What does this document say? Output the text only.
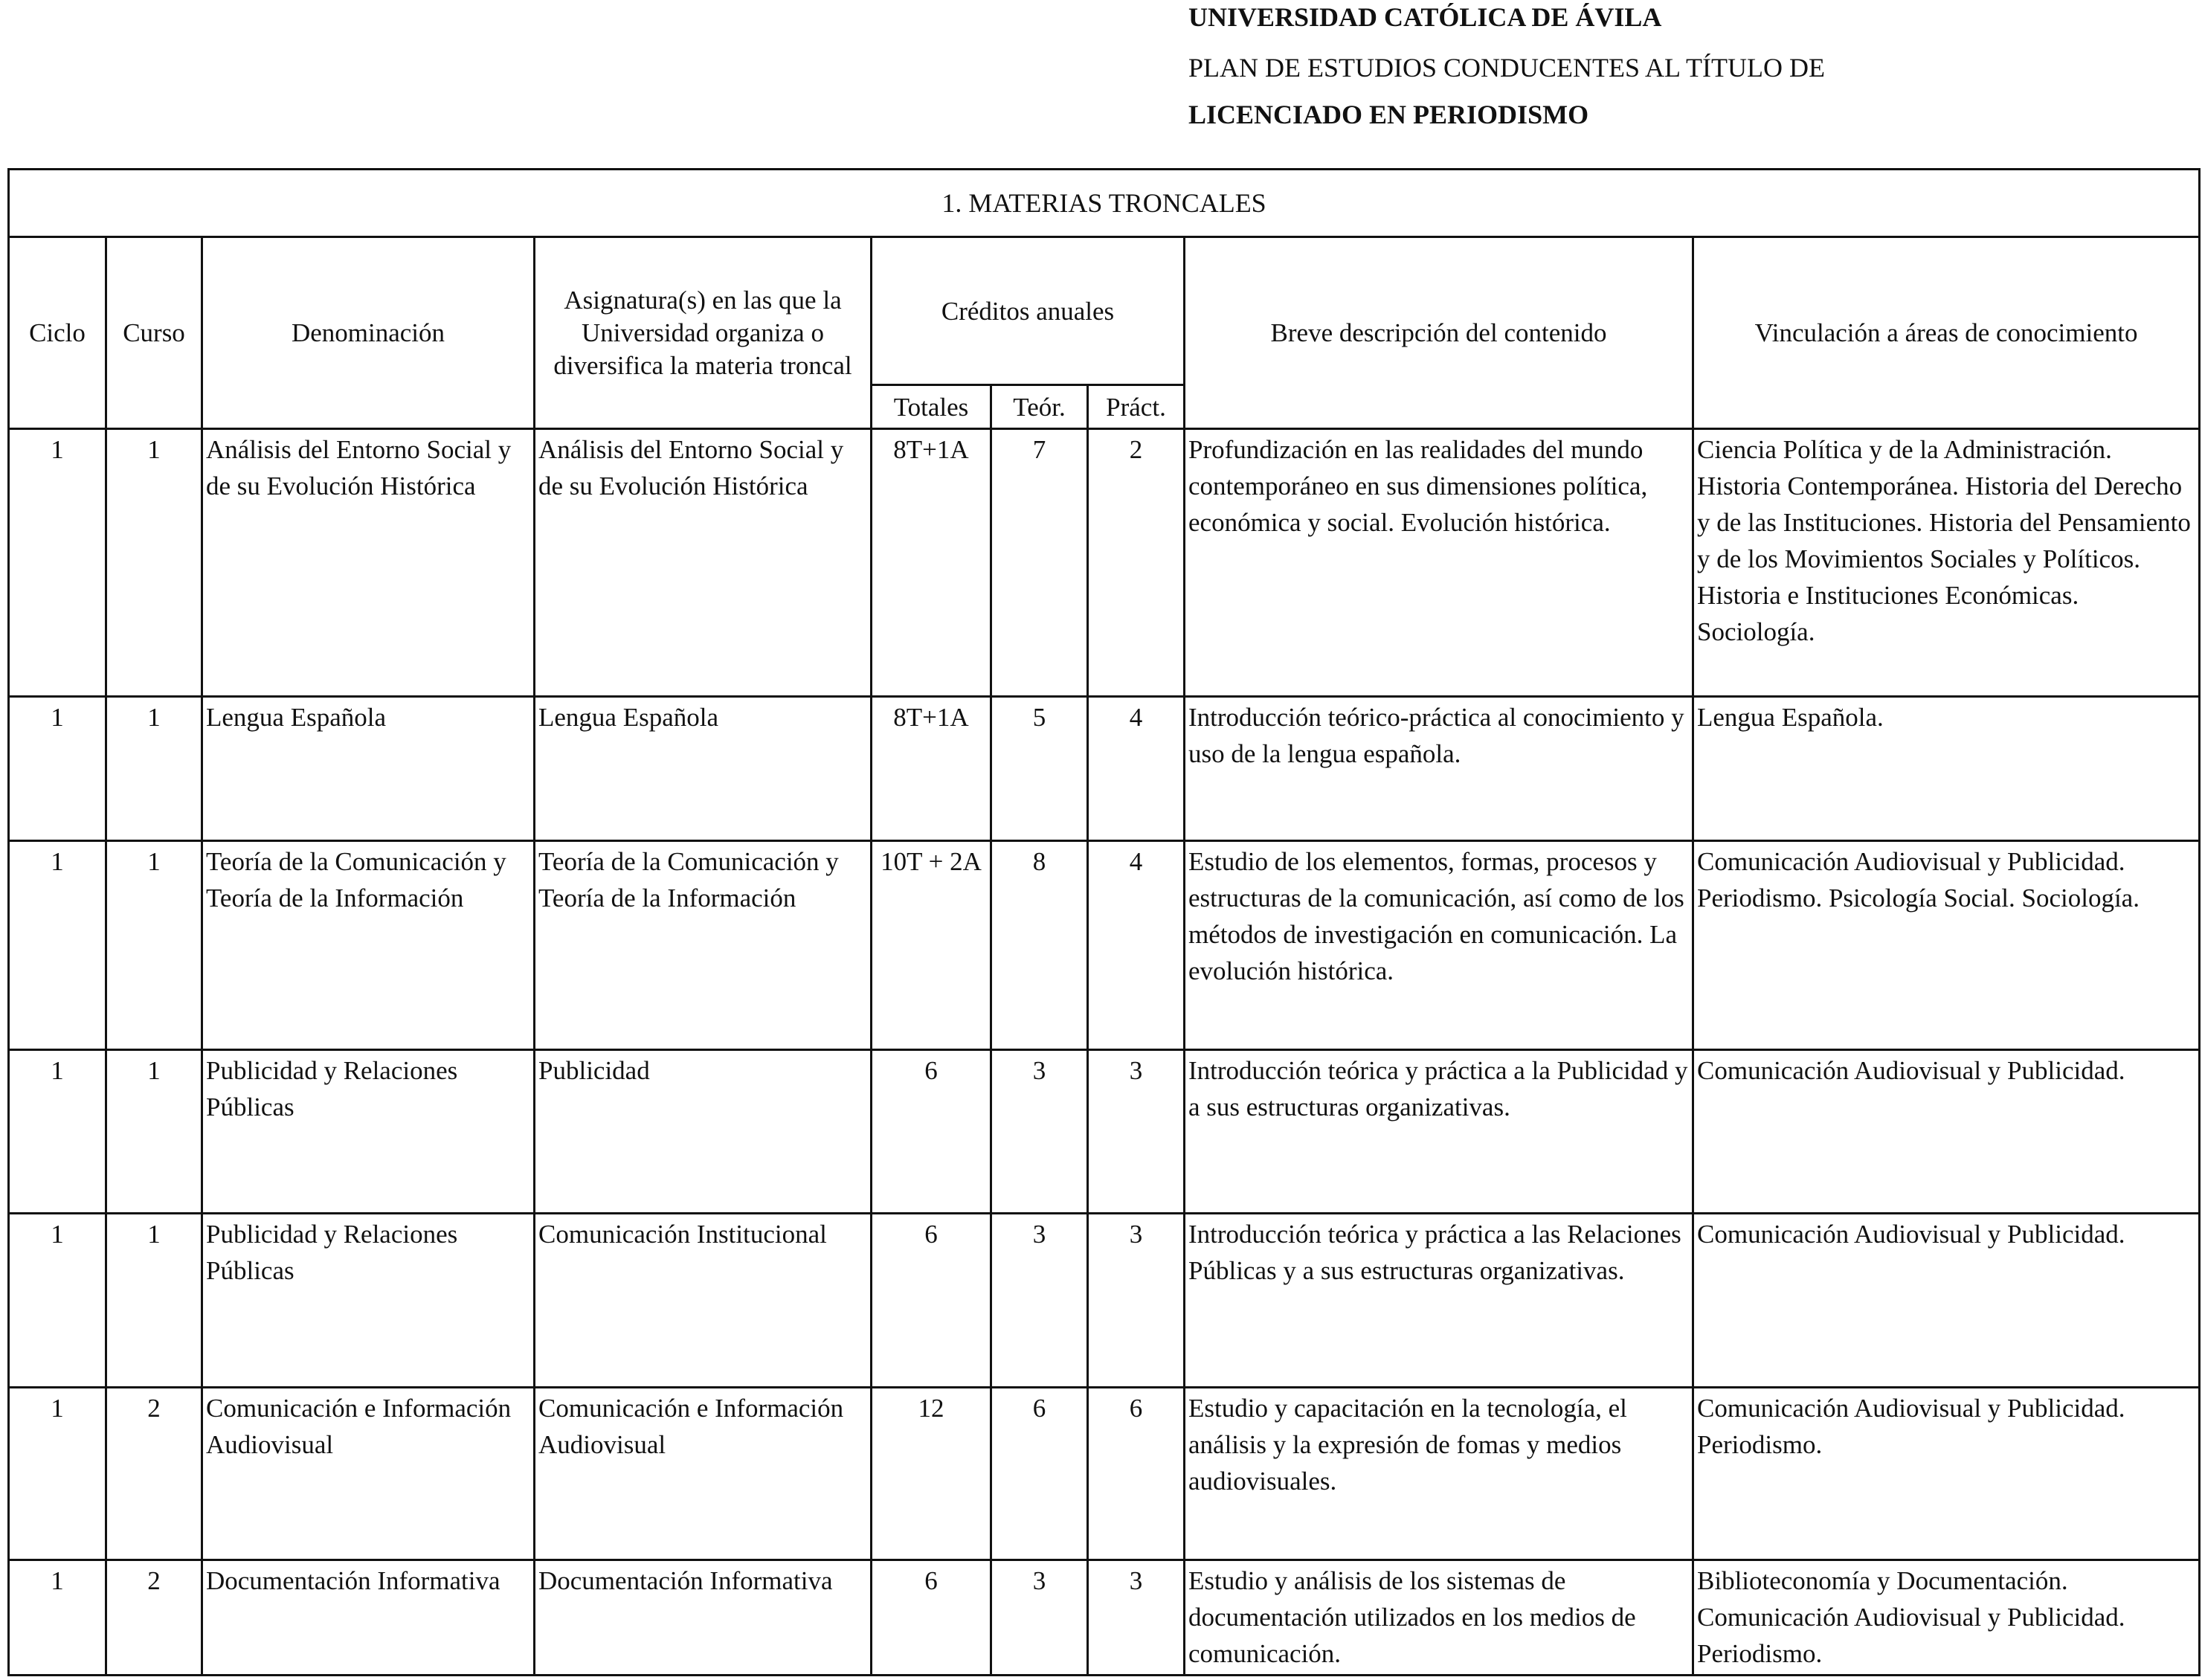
UNIVERSIDAD CATÓLICA DE ÁVILA
PLAN DE ESTUDIOS CONDUCENTES AL TÍTULO DE
LICENCIADO EN PERIODISMO
1. MATERIAS TRONCALES								
Ciclo	Curso	Denominación	Asignatura(s) en las que la Universidad organiza o diversifica la materia troncal	Créditos anuales			Breve descripción del contenido	Vinculación a áreas de conocimiento
				Totales	Teór.	Práct.		
1	1	Análisis del Entorno Social y de su Evolución Histórica	Análisis del Entorno Social y de su Evolución Histórica	8T+1A	7	2	Profundización en las realidades del mundo contemporáneo en sus dimensiones política, económica y social. Evolución histórica.	Ciencia Política y de la Administración. Historia Contemporánea. Historia del Derecho y de las Instituciones. Historia del Pensamiento y de los Movimientos Sociales y Políticos. Historia e Instituciones Económicas. Sociología.
1	1	Lengua Española	Lengua Española	8T+1A	5	4	Introducción teórico-práctica al conocimiento y uso de la lengua española.	Lengua Española.
1	1	Teoría de la Comunicación y Teoría de la Información	Teoría de la Comunicación y Teoría de la Información	10T + 2A	8	4	Estudio de los elementos, formas, procesos y estructuras de la comunicación, así como de los métodos de investigación en comunicación. La evolución histórica.	Comunicación Audiovisual y Publicidad. Periodismo. Psicología Social. Sociología.
1	1	Publicidad y Relaciones Públicas	Publicidad	6	3	3	Introducción teórica y práctica a la Publicidad y a sus estructuras organizativas.	Comunicación Audiovisual y Publicidad.
1	1	Publicidad y Relaciones Públicas	Comunicación Institucional	6	3	3	Introducción teórica y práctica a las Relaciones Públicas y a sus estructuras organizativas.	Comunicación Audiovisual y Publicidad.
1	2	Comunicación e Información Audiovisual	Comunicación e Información Audiovisual	12	6	6	Estudio y capacitación en la tecnología, el análisis y la expresión de fomas y medios audiovisuales.	Comunicación Audiovisual y Publicidad. Periodismo.
1	2	Documentación Informativa	Documentación Informativa	6	3	3	Estudio y análisis de los sistemas de documentación utilizados en los medios de comunicación.	Biblioteconomía y Documentación. Comunicación Audiovisual y Publicidad. Periodismo.
